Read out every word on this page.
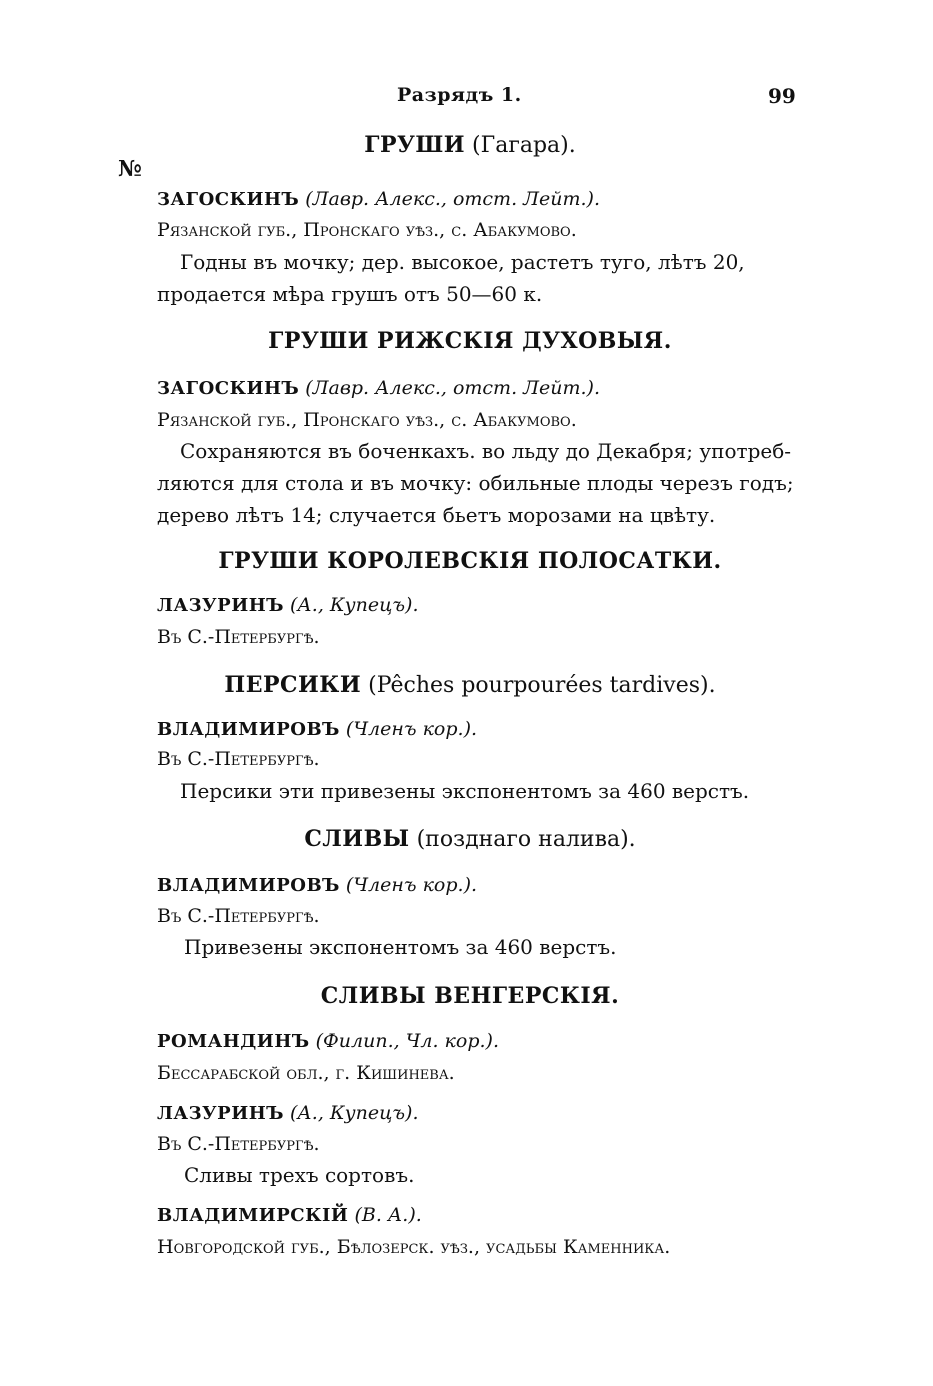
Разрядъ 1.	99
№
ГРУШИ (Гагара).
ЗАГОСКИНЪ (Лавр. Алекс., отст. Лейт.).
Рязанской губ., Пронскаго уѣз., с. Абакумово.
Годны въ мочку; дер. высокое, растетъ туго, лѣтъ 20,
продается мѣра грушъ отъ 50—60 к.
ГРУШИ РИЖСКІЯ ДУХОВЫЯ.
ЗАГОСКИНЪ (Лавр. Алекс., отст. Лейт.).
Рязанской губ., Пронскаго уѣз., с. Абакумово.
Сохраняются въ боченкахъ. во льду до Декабря; употреб-
ляются для стола и въ мочку: обильные плоды черезъ годъ;
дерево лѣтъ 14; случается бьетъ морозами на цвѣту.
ГРУШИ КОРОЛЕВСКІЯ ПОЛОСАТКИ.
ЛАЗУРИНЪ (А., Купецъ).
Въ С.-Петербургѣ.
ПЕРСИКИ (Pêches pourpourées tardives).
ВЛАДИМИРОВЪ (Членъ кор.).
Въ С.-Петербургѣ.
Персики эти привезены экспонентомъ за 460 верстъ.
СЛИВЫ (позднаго налива).
ВЛАДИМИРОВЪ (Членъ кор.).
Въ С.-Петербургѣ.
Привезены экспонентомъ за 460 верстъ.
СЛИВЫ ВЕНГЕРСКІЯ.
РОМАНДИНЪ (Филип., Чл. кор.).
Бессарабской обл., г. Кишинева.
ЛАЗУРИНЪ (А., Купецъ).
Въ С.-Петербургѣ.
Сливы трехъ сортовъ.
ВЛАДИМИРСКІЙ (В. А.).
Новгородской губ., Бѣлозерск. уѣз., усадьбы Каменника.
